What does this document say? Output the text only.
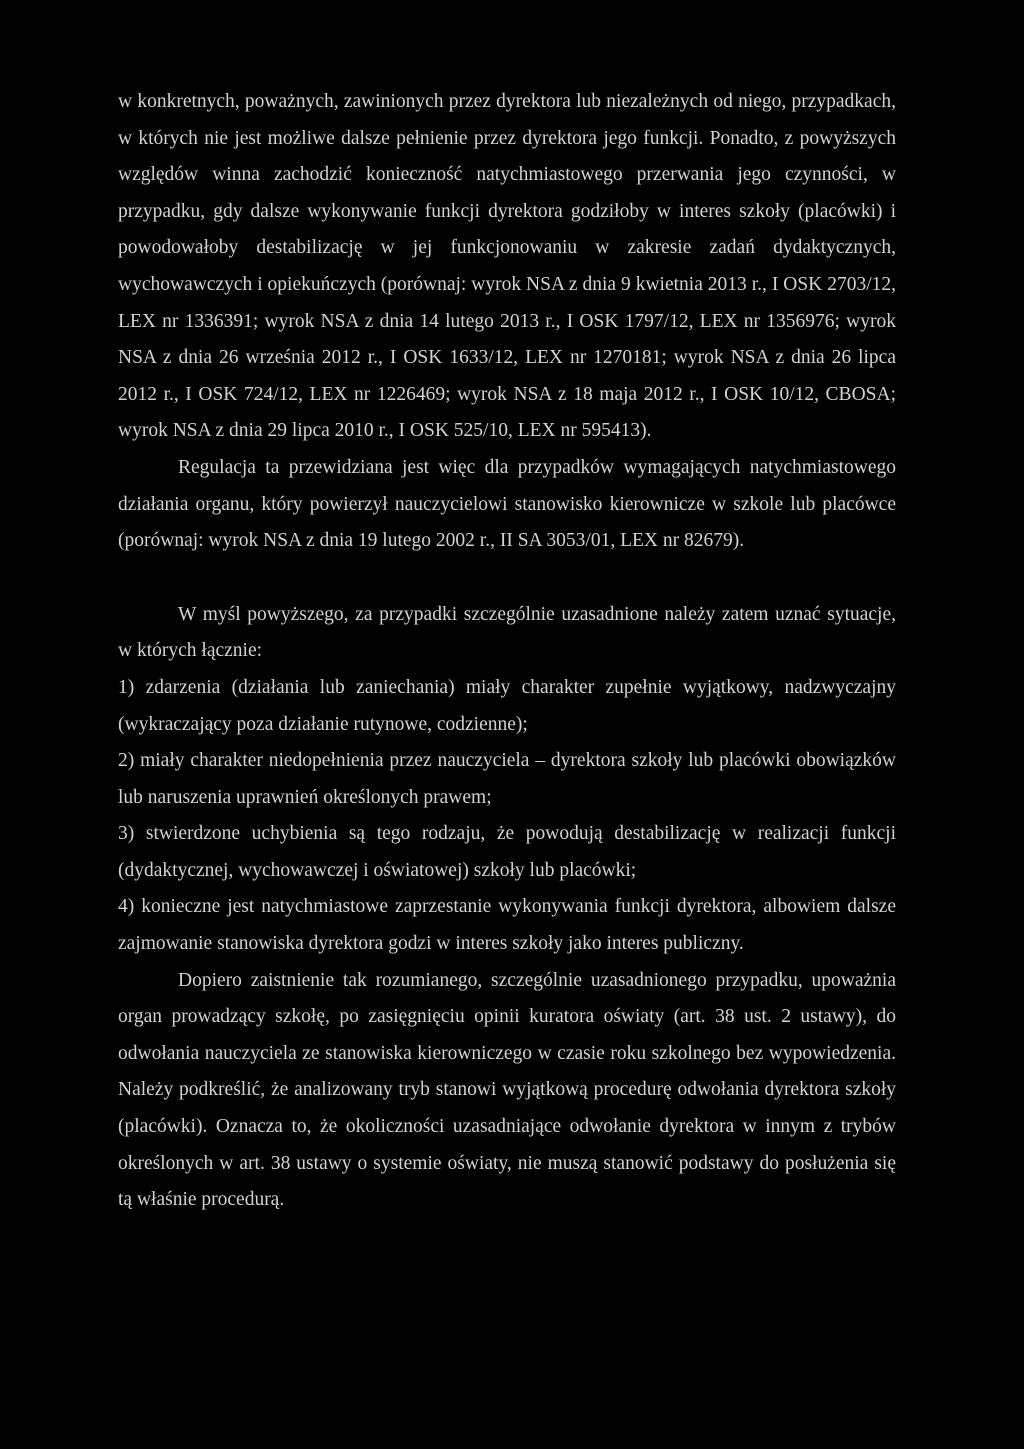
w konkretnych, poważnych, zawinionych przez dyrektora lub niezależnych od niego, przypadkach, w których nie jest możliwe dalsze pełnienie przez dyrektora jego funkcji. Ponadto, z powyższych względów winna zachodzić konieczność natychmiastowego przerwania jego czynności, w przypadku, gdy dalsze wykonywanie funkcji dyrektora godziłoby w interes szkoły (placówki) i powodowałoby destabilizację w jej funkcjonowaniu w zakresie zadań dydaktycznych, wychowawczych i opiekuńczych (porównaj: wyrok NSA z dnia 9 kwietnia 2013 r., I OSK 2703/12, LEX nr 1336391; wyrok NSA z dnia 14 lutego 2013 r., I OSK 1797/12, LEX nr 1356976; wyrok NSA z dnia 26 września 2012 r., I OSK 1633/12, LEX nr 1270181; wyrok NSA z dnia 26 lipca 2012 r., I OSK 724/12, LEX nr 1226469; wyrok NSA z 18 maja 2012 r., I OSK 10/12, CBOSA; wyrok NSA z dnia 29 lipca 2010 r., I OSK 525/10, LEX nr 595413).

Regulacja ta przewidziana jest więc dla przypadków wymagających natychmiastowego działania organu, który powierzył nauczycielowi stanowisko kierownicze w szkole lub placówce (porównaj: wyrok NSA z dnia 19 lutego 2002 r., II SA 3053/01, LEX nr 82679).

W myśl powyższego, za przypadki szczególnie uzasadnione należy zatem uznać sytuacje, w których łącznie:

1) zdarzenia (działania lub zaniechania) miały charakter zupełnie wyjątkowy, nadzwyczajny (wykraczający poza działanie rutynowe, codzienne);

2) miały charakter niedopełnienia przez nauczyciela – dyrektora szkoły lub placówki obowiązków lub naruszenia uprawnień określonych prawem;

3) stwierdzone uchybienia są tego rodzaju, że powodują destabilizację w realizacji funkcji (dydaktycznej, wychowawczej i oświatowej) szkoły lub placówki;

4) konieczne jest natychmiastowe zaprzestanie wykonywania funkcji dyrektora, albowiem dalsze zajmowanie stanowiska dyrektora godzi w interes szkoły jako interes publiczny.

Dopiero zaistnienie tak rozumianego, szczególnie uzasadnionego przypadku, upoważnia organ prowadzący szkołę, po zasięgnięciu opinii kuratora oświaty (art. 38 ust. 2 ustawy), do odwołania nauczyciela ze stanowiska kierowniczego w czasie roku szkolnego bez wypowiedzenia. Należy podkreślić, że analizowany tryb stanowi wyjątkową procedurę odwołania dyrektora szkoły (placówki). Oznacza to, że okoliczności uzasadniające odwołanie dyrektora w innym z trybów określonych w art. 38 ustawy o systemie oświaty, nie muszą stanowić podstawy do posłużenia się tą właśnie procedurą.
